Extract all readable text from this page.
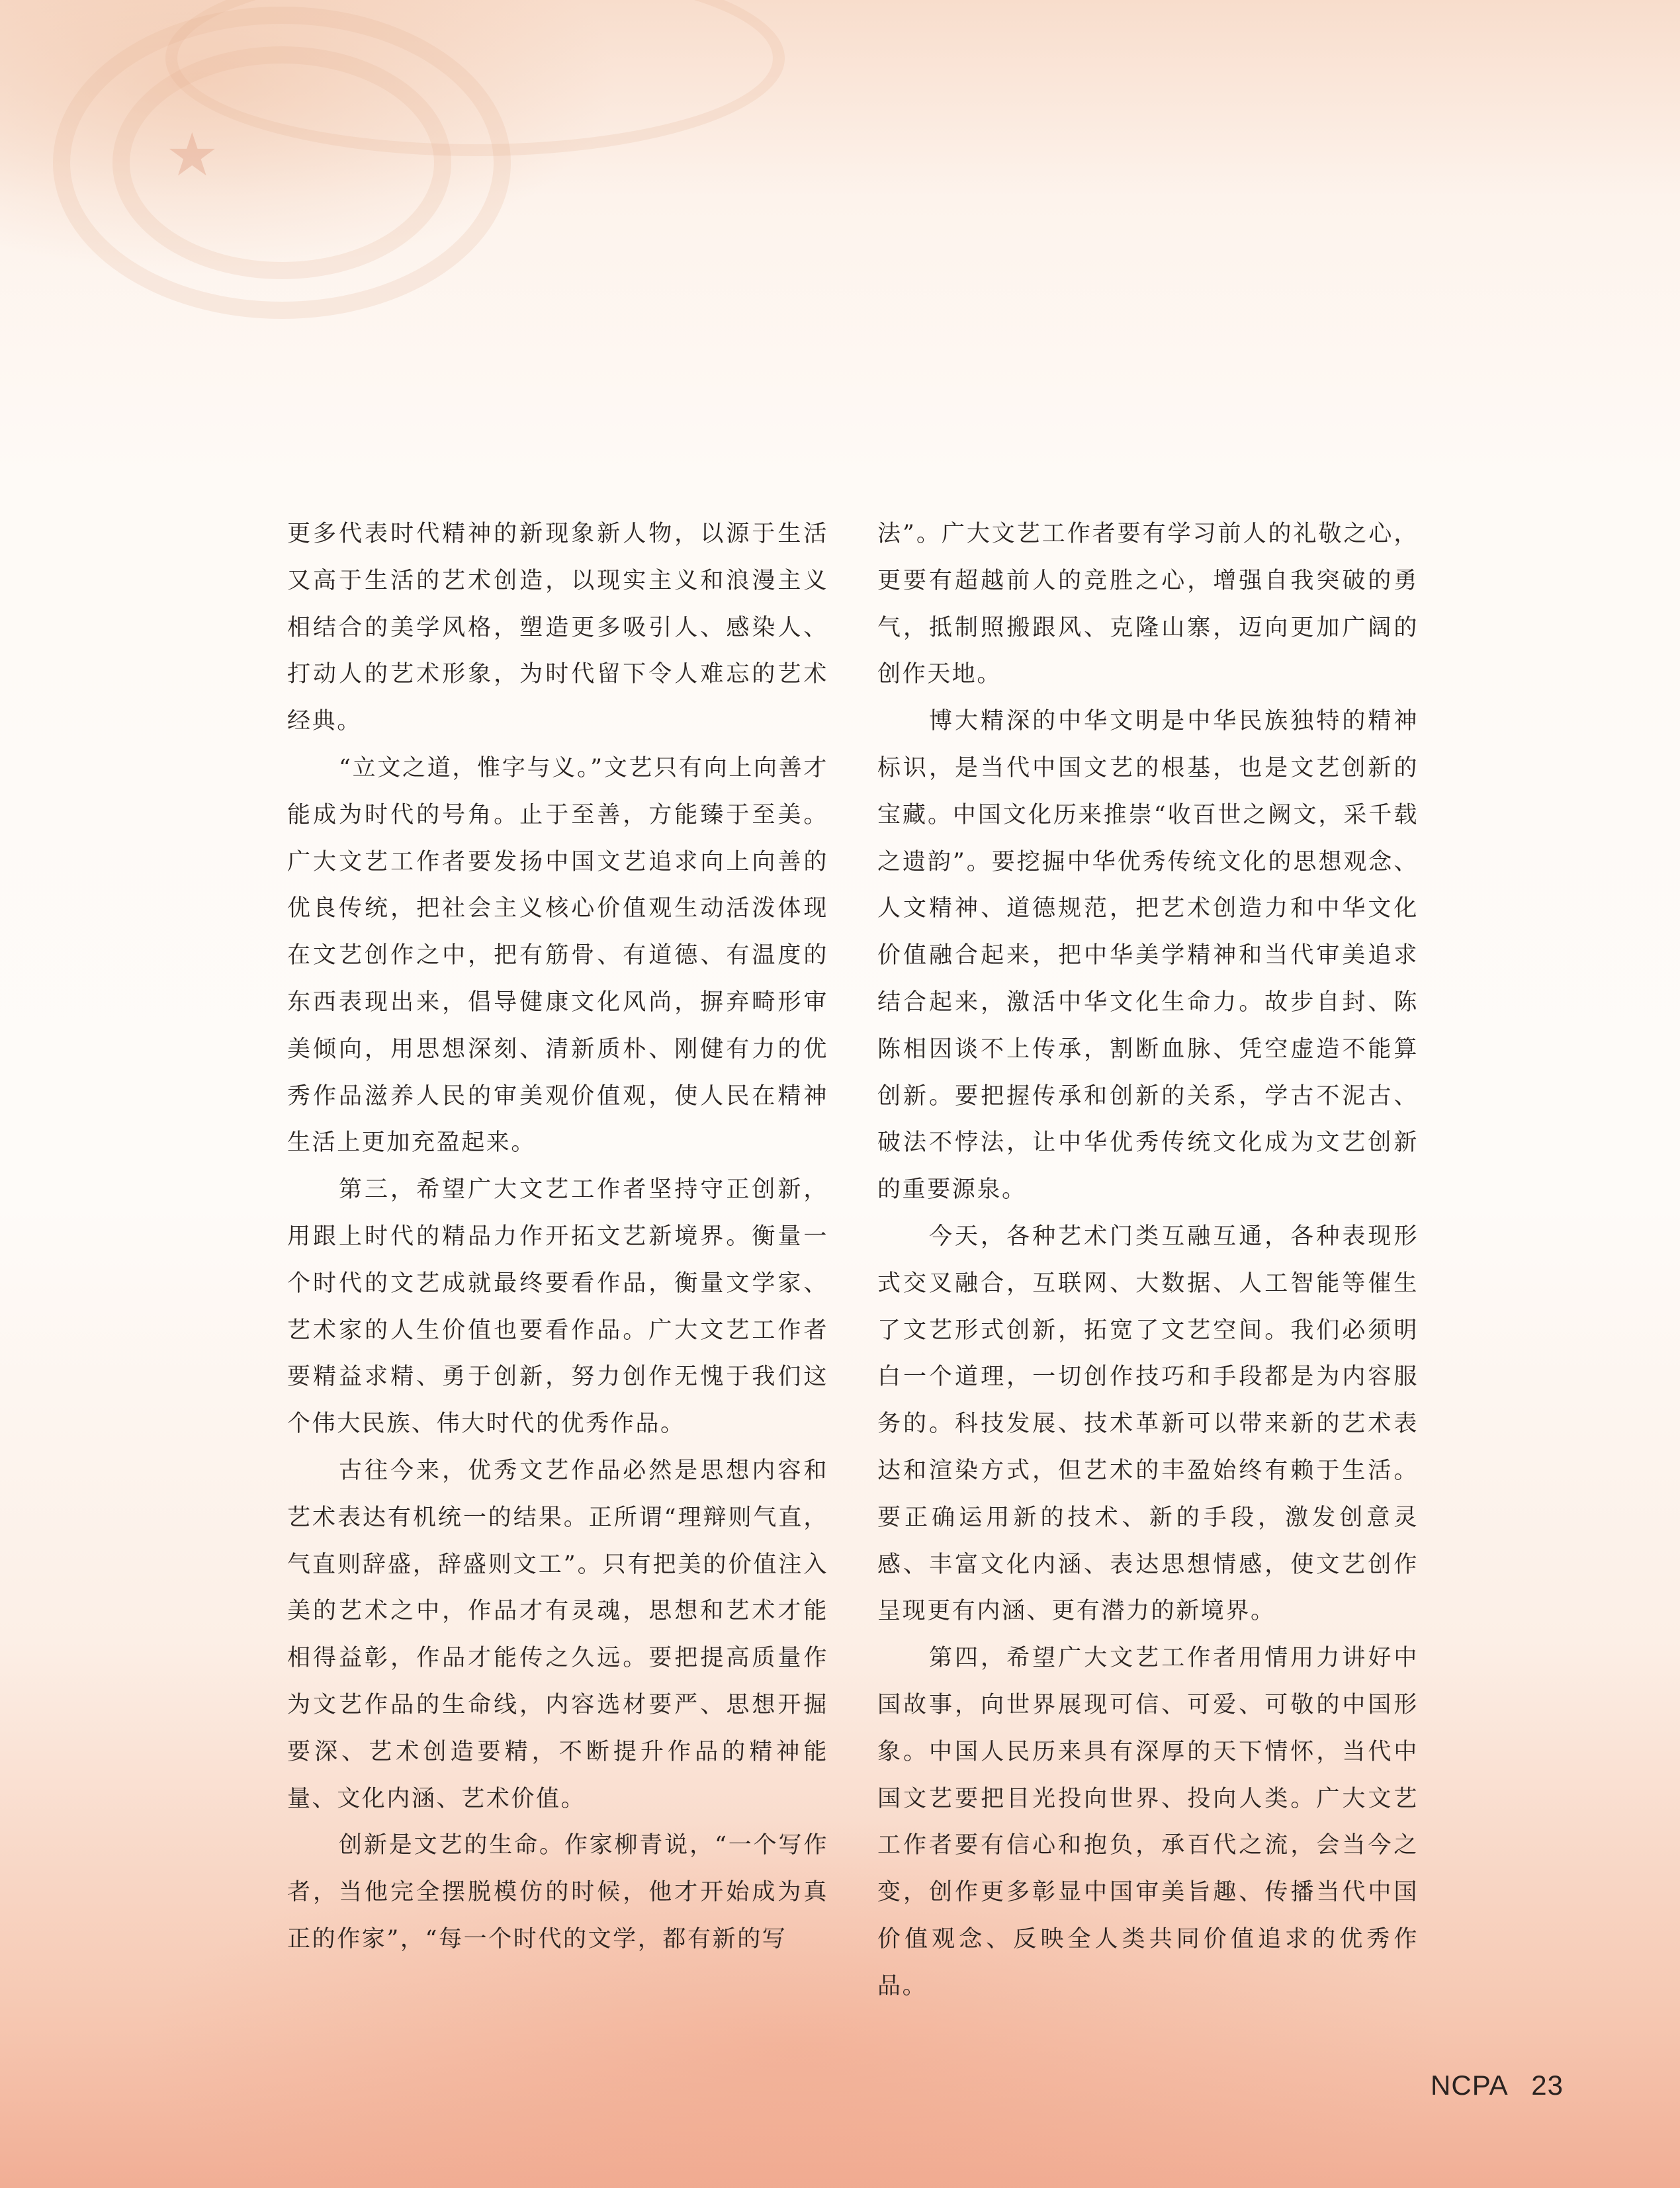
★

更多代表时代精神的新现象新人物，以源于生活又高于生活的艺术创造，以现实主义和浪漫主义相结合的美学风格，塑造更多吸引人、感染人、打动人的艺术形象，为时代留下令人难忘的艺术经典。

“立文之道，惟字与义。”文艺只有向上向善才能成为时代的号角。止于至善，方能臻于至美。广大文艺工作者要发扬中国文艺追求向上向善的优良传统，把社会主义核心价值观生动活泼体现在文艺创作之中，把有筋骨、有道德、有温度的东西表现出来，倡导健康文化风尚，摒弃畸形审美倾向，用思想深刻、清新质朴、刚健有力的优秀作品滋养人民的审美观价值观，使人民在精神生活上更加充盈起来。

第三，希望广大文艺工作者坚持守正创新，用跟上时代的精品力作开拓文艺新境界。衡量一个时代的文艺成就最终要看作品，衡量文学家、艺术家的人生价值也要看作品。广大文艺工作者要精益求精、勇于创新，努力创作无愧于我们这个伟大民族、伟大时代的优秀作品。

古往今来，优秀文艺作品必然是思想内容和艺术表达有机统一的结果。正所谓“理辩则气直，气直则辞盛，辞盛则文工”。只有把美的价值注入美的艺术之中，作品才有灵魂，思想和艺术才能相得益彰，作品才能传之久远。要把提高质量作为文艺作品的生命线，内容选材要严、思想开掘要深、艺术创造要精，不断提升作品的精神能量、文化内涵、艺术价值。

创新是文艺的生命。作家柳青说，“一个写作者，当他完全摆脱模仿的时候，他才开始成为真正的作家”，“每一个时代的文学，都有新的写

法”。广大文艺工作者要有学习前人的礼敬之心，更要有超越前人的竞胜之心，增强自我突破的勇气，抵制照搬跟风、克隆山寨，迈向更加广阔的创作天地。

博大精深的中华文明是中华民族独特的精神标识，是当代中国文艺的根基，也是文艺创新的宝藏。中国文化历来推崇“收百世之阙文，采千载之遗韵”。要挖掘中华优秀传统文化的思想观念、人文精神、道德规范，把艺术创造力和中华文化价值融合起来，把中华美学精神和当代审美追求结合起来，激活中华文化生命力。故步自封、陈陈相因谈不上传承，割断血脉、凭空虚造不能算创新。要把握传承和创新的关系，学古不泥古、破法不悖法，让中华优秀传统文化成为文艺创新的重要源泉。

今天，各种艺术门类互融互通，各种表现形式交叉融合，互联网、大数据、人工智能等催生了文艺形式创新，拓宽了文艺空间。我们必须明白一个道理，一切创作技巧和手段都是为内容服务的。科技发展、技术革新可以带来新的艺术表达和渲染方式，但艺术的丰盈始终有赖于生活。要正确运用新的技术、新的手段，激发创意灵感、丰富文化内涵、表达思想情感，使文艺创作呈现更有内涵、更有潜力的新境界。

第四，希望广大文艺工作者用情用力讲好中国故事，向世界展现可信、可爱、可敬的中国形象。中国人民历来具有深厚的天下情怀，当代中国文艺要把目光投向世界、投向人类。广大文艺工作者要有信心和抱负，承百代之流，会当今之变，创作更多彰显中国审美旨趣、传播当代中国价值观念、反映全人类共同价值追求的优秀作品。

NCPA 23
